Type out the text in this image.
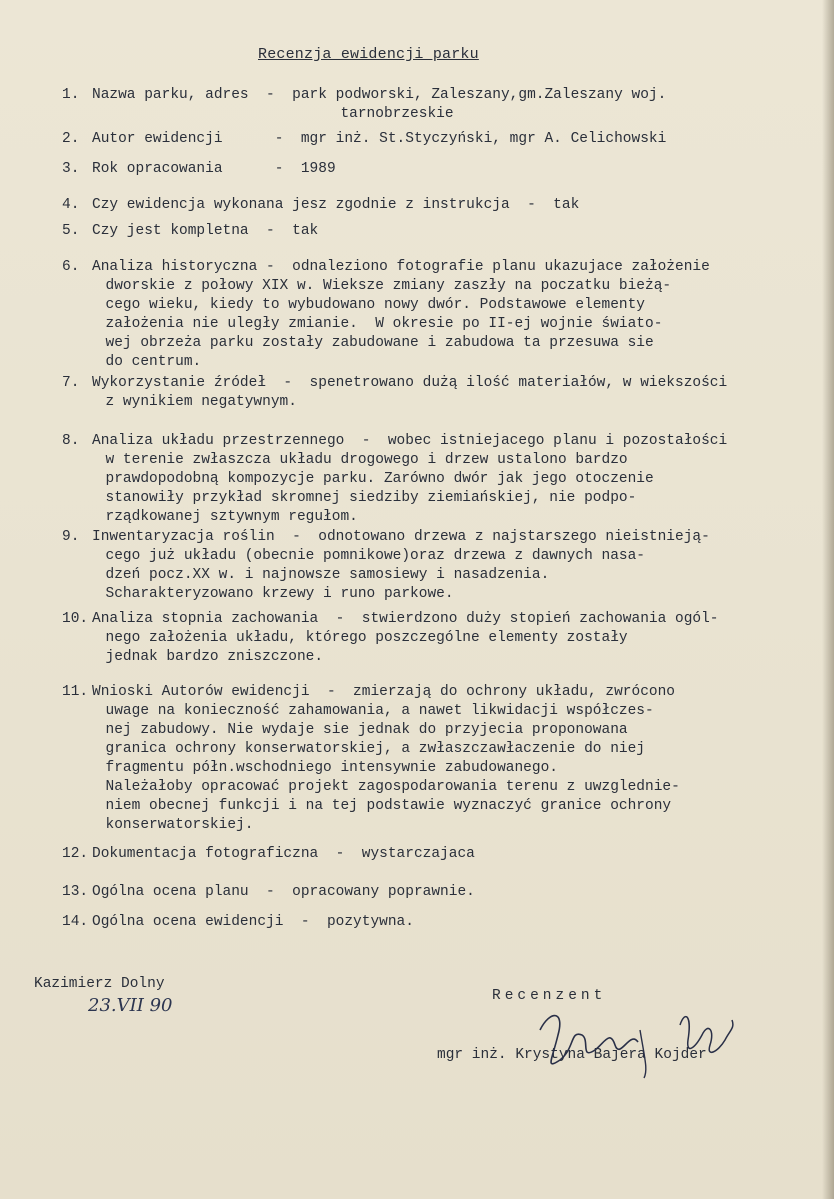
Recenzja ewidencji parku
1. Nazwa parku, adres  -  park podworski, Zaleszany,gm.Zaleszany woj.
tarnobrzeskie
2. Autor ewidencji      -  mgr inż. St.Styczyński, mgr A. Celichowski
3. Rok opracowania      -  1989
4. Czy ewidencja wykonana jesz zgodnie z instrukcja  -  tak
5. Czy jest kompletna  -  tak
6. Analiza historyczna -  odnaleziono fotografie planu ukazujace założenie
dworskie z połowy XIX w. Wieksze zmiany zaszły na poczatku bieżą-
cego wieku, kiedy to wybudowano nowy dwór. Podstawowe elementy
założenia nie uległy zmianie.  W okresie po II-ej wojnie świato-
wej obrzeża parku zostały zabudowane i zabudowa ta przesuwa sie
do centrum.
7. Wykorzystanie źródeł  -  spenetrowano dużą ilość materiałów, w wiekszości
z wynikiem negatywnym.
8. Analiza układu przestrzennego  -  wobec istniejacego planu i pozostałości
w terenie zwłaszcza układu drogowego i drzew ustalono bardzo
prawdopodobną kompozycje parku. Zarówno dwór jak jego otoczenie
stanowiły przykład skromnej siedziby ziemiańskiej, nie podpo-
rządkowanej sztywnym regułom.
9. Inwentaryzacja roślin  -  odnotowano drzewa z najstarszego nieistnieją-
cego już układu (obecnie pomnikowe)oraz drzewa z dawnych nasa-
dzeń pocz.XX w. i najnowsze samosiewy i nasadzenia.
Scharakteryzowano krzewy i runo parkowe.
10. Analiza stopnia zachowania  -  stwierdzono duży stopień zachowania ogól-
nego założenia układu, którego poszczególne elementy zostały
jednak bardzo zniszczone.
11. Wnioski Autorów ewidencji  -  zmierzają do ochrony układu, zwrócono
uwage na konieczność zahamowania, a nawet likwidacji współczes-
nej zabudowy. Nie wydaje sie jednak do przyjecia proponowana
granica ochrony konserwatorskiej, a zwłaszczawłaczenie do niej
fragmentu półn.wschodniego intensywnie zabudowanego.
Należałoby opracować projekt zagospodarowania terenu z uwzglednie-
niem obecnej funkcji i na tej podstawie wyznaczyć granice ochrony
konserwatorskiej.
12. Dokumentacja fotograficzna  -  wystarczajaca
13. Ogólna ocena planu  -  opracowany poprawnie.
14. Ogólna ocena ewidencji  -  pozytywna.
Kazimierz Dolny
23.VII 90	Recenzent
mgr inż. Krystyna Bajera Kojder
